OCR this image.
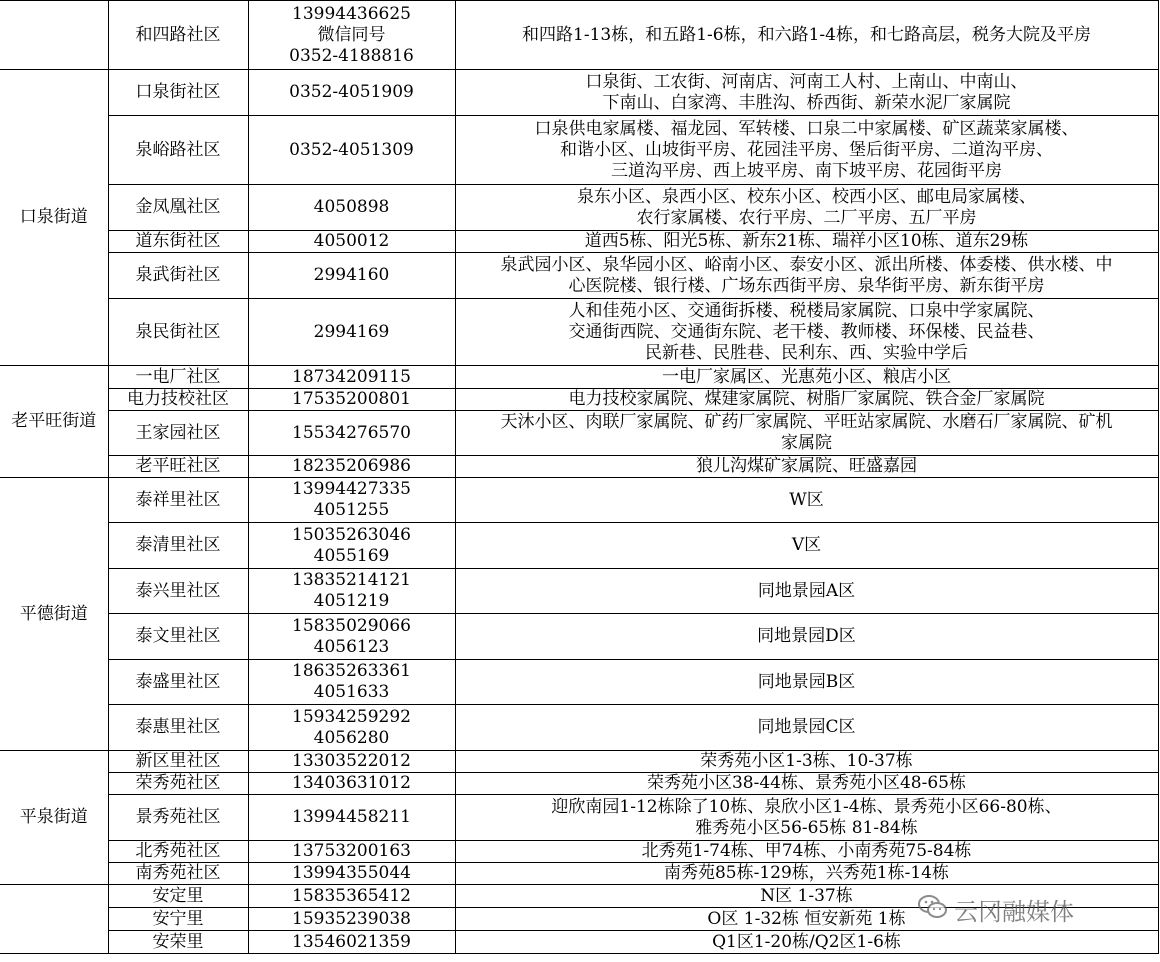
	和四路社区	13994436625
微信同号
0352-4188816	和四路1-13栋，和五路1-6栋，和六路1-4栋，和七路高层，税务大院及平房

口泉街道	口泉街社区	0352-4051909	口泉街、工农街、河南店、河南工人村、上南山、中南山、
下南山、白家湾、丰胜沟、桥西街、新荣水泥厂家属院

	泉峪路社区	0352-4051309	口泉供电家属楼、福龙园、军转楼、口泉二中家属楼、矿区蔬菜家属楼、
和谐小区、山坡街平房、花园洼平房、堡后街平房、二道沟平房、
三道沟平房、西上坡平房、南下坡平房、花园街平房

	金凤凰社区	4050898	泉东小区、泉西小区、校东小区、校西小区、邮电局家属楼、
农行家属楼、农行平房、二厂平房、五厂平房

	道东街社区	4050012	道西5栋、阳光5栋、新东21栋、瑞祥小区10栋、道东29栋

	泉武街社区	2994160	泉武园小区、泉华园小区、峪南小区、泰安小区、派出所楼、体委楼、供水楼、中
心医院楼、银行楼、广场东西街平房、泉华街平房、新东街平房

	泉民街社区	2994169	人和佳苑小区、交通街拆楼、税楼局家属院、口泉中学家属院、
交通街西院、交通街东院、老干楼、教师楼、环保楼、民益巷、
民新巷、民胜巷、民利东、西、实验中学后

老平旺街道	一电厂社区	18734209115	一电厂家属区、光惠苑小区、粮店小区

	电力技校社区	17535200801	电力技校家属院、煤建家属院、树脂厂家属院、铁合金厂家属院

	王家园社区	15534276570	天沐小区、肉联厂家属院、矿药厂家属院、平旺站家属院、水磨石厂家属院、矿机
家属院

	老平旺社区	18235206986	狼儿沟煤矿家属院、旺盛嘉园

平德街道	泰祥里社区	13994427335
4051255	W区

	泰清里社区	15035263046
4055169	V区

	泰兴里社区	13835214121
4051219	同地景园A区

	泰文里社区	15835029066
4056123	同地景园D区

	泰盛里社区	18635263361
4051633	同地景园B区

	泰惠里社区	15934259292
4056280	同地景园C区

平泉街道	新区里社区	13303522012	荣秀苑小区1-3栋、10-37栋

	荣秀苑社区	13403631012	荣秀苑小区38-44栋、景秀苑小区48-65栋

	景秀苑社区	13994458211	迎欣南园1-12栋除了10栋、泉欣小区1-4栋、景秀苑小区66-80栋、
雅秀苑小区56-65栋 81-84栋

	北秀苑社区	13753200163	北秀苑1-74栋、甲74栋、小南秀苑75-84栋

	南秀苑社区	13994355044	南秀苑85栋-129栋，兴秀苑1栋-14栋

	安定里	15835365412	N区 1-37栋

	安宁里	15935239038	O区 1-32栋 恒安新苑 1栋

	安荣里	13546021359	Q1区1-20栋/Q2区1-6栋
云冈融媒体
